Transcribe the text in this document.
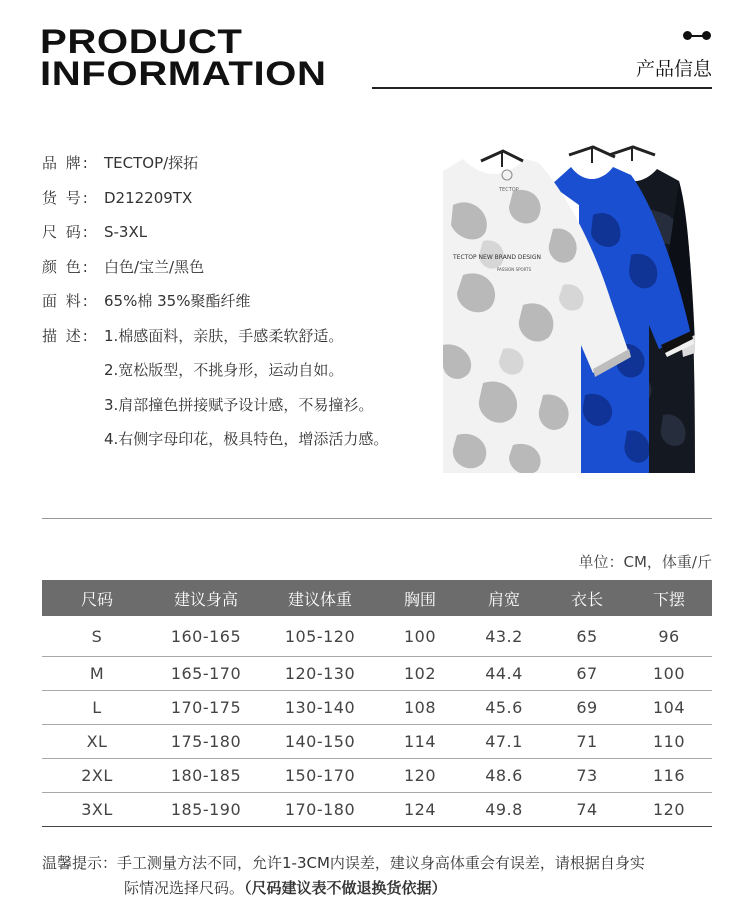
PRODUCT
INFORMATION	产品信息
品 牌: TECTOP/探拓
货 号: D212209TX
尺 码: S-3XL
颜 色: 白色/宝兰/黑色
面 料: 65%棉 35%聚酯纤维
描 述: 1.棉感面料，亲肤，手感柔软舒适。
2.宽松版型，不挑身形，运动自如。
3.肩部撞色拼接赋予设计感，不易撞衫。
4.右侧字母印花，极具特色，增添活力感。
TECTOP
TECTOP NEW BRAND DESIGN
PASSION SPORTS
单位：CM，体重/斤
尺码	建议身高	建议体重	胸围	肩宽	衣长	下摆
S	160-165	105-120	100	43.2	65	96
M	165-170	120-130	102	44.4	67	100
L	170-175	130-140	108	45.6	69	104
XL	175-180	140-150	114	47.1	71	110
2XL	180-185	150-170	120	48.6	73	116
3XL	185-190	170-180	124	49.8	74	120
温馨提示：手工测量方法不同，允许1-3CM内误差，建议身高体重会有误差，请根据自身实
际情况选择尺码。（尺码建议表不做退换货依据）
